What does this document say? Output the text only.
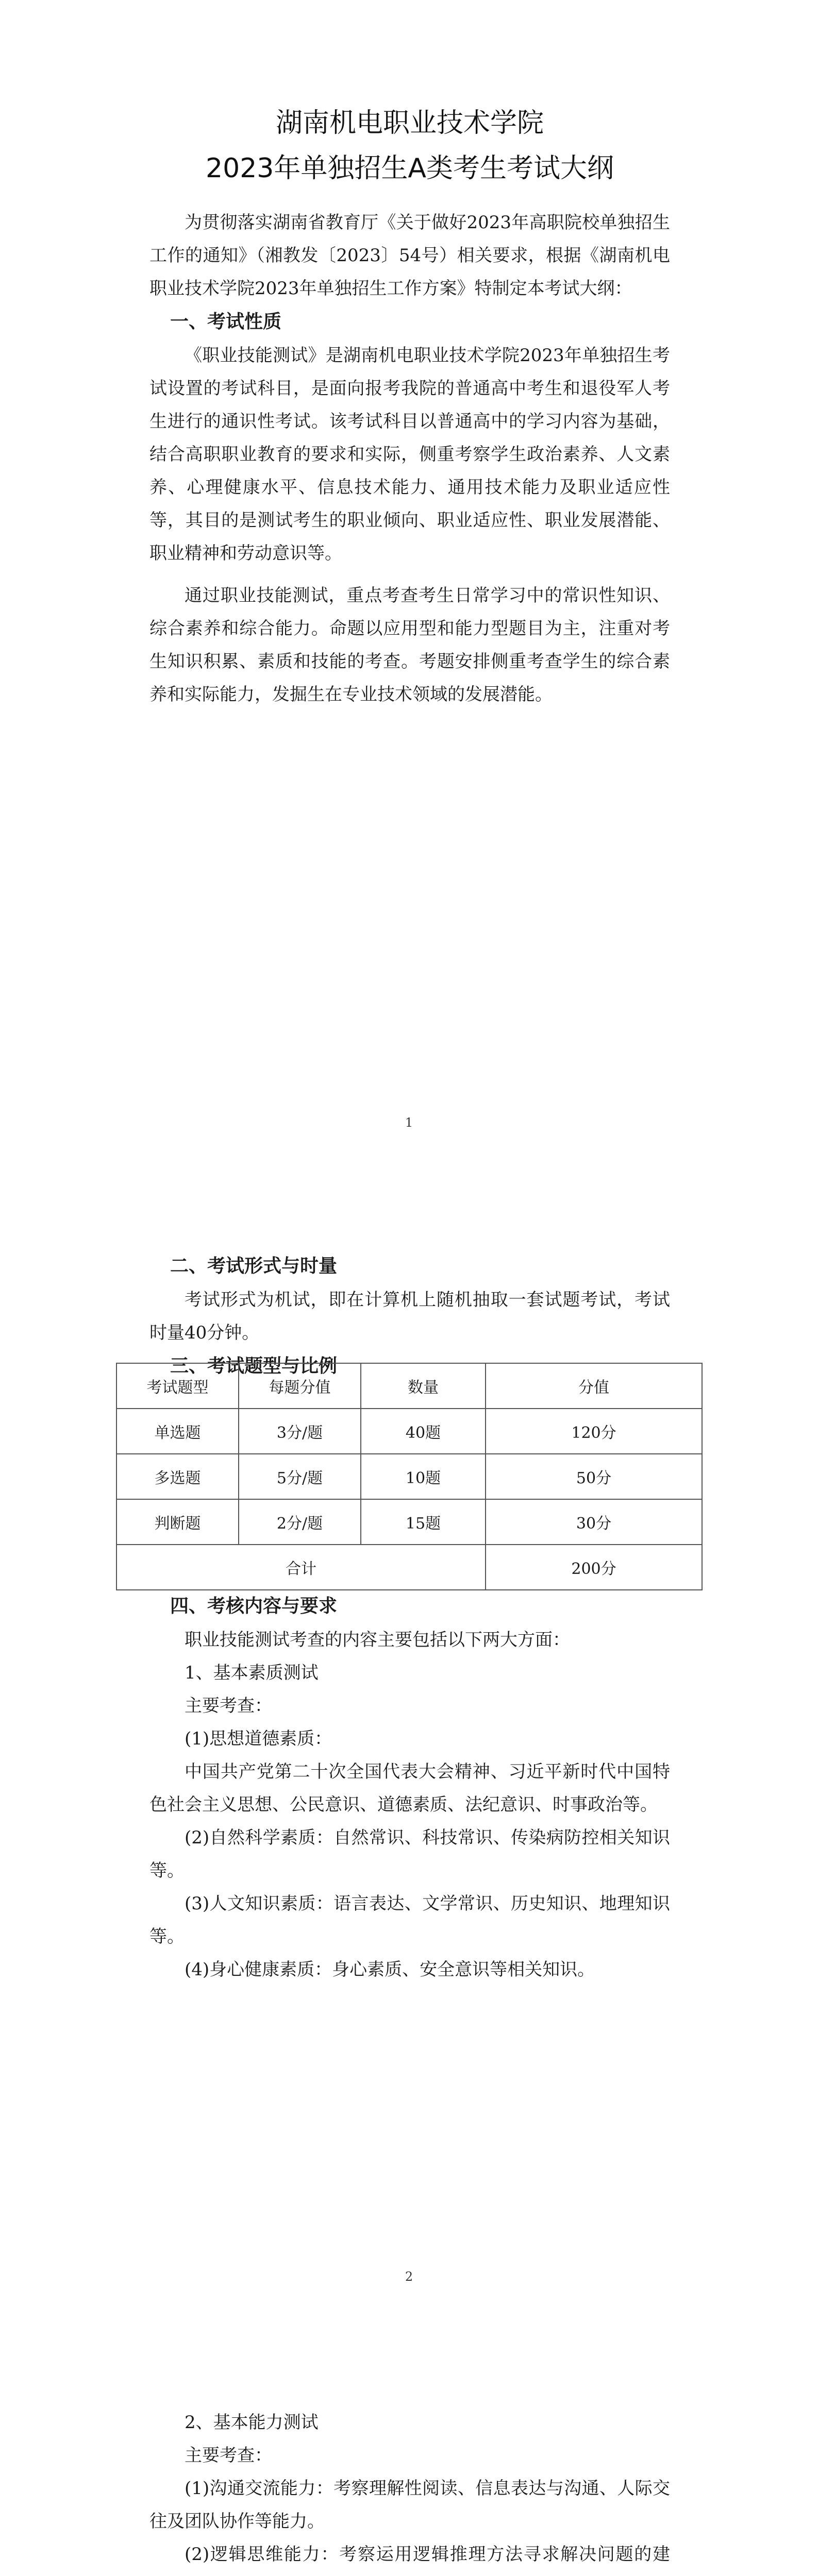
湖南机电职业技术学院
2023年单独招生A类考生考试大纲

为贯彻落实湖南省教育厅《关于做好2023年高职院校单独招生工作的通知》（湘教发〔2023〕54号）相关要求，根据《湖南机电职业技术学院2023年单独招生工作方案》特制定本考试大纲：

一、考试性质

《职业技能测试》是湖南机电职业技术学院2023年单独招生考试设置的考试科目，是面向报考我院的普通高中考生和退役军人考生进行的通识性考试。该考试科目以普通高中的学习内容为基础，结合高职职业教育的要求和实际，侧重考察学生政治素养、人文素养、心理健康水平、信息技术能力、通用技术能力及职业适应性等，其目的是测试考生的职业倾向、职业适应性、职业发展潜能、职业精神和劳动意识等。

通过职业技能测试，重点考查考生日常学习中的常识性知识、综合素养和综合能力。命题以应用型和能力型题目为主，注重对考生知识积累、素质和技能的考查。考题安排侧重考查学生的综合素养和实际能力，发掘生在专业技术领域的发展潜能。

1

二、考试形式与时量

考试形式为机试，即在计算机上随机抽取一套试题考试，考试时量40分钟。

三、考试题型与比例

考试题型	每题分值	数量	分值
单选题	3分/题	40题	120分
多选题	5分/题	10题	50分
判断题	2分/题	15题	30分
合计			200分

四、考核内容与要求

职业技能测试考查的内容主要包括以下两大方面：

1、基本素质测试

主要考查：

(1)思想道德素质：

中国共产党第二十次全国代表大会精神、习近平新时代中国特色社会主义思想、公民意识、道德素质、法纪意识、时事政治等。

(2)自然科学素质：自然常识、科技常识、传染病防控相关知识等。

(3)人文知识素质：语言表达、文学常识、历史知识、地理知识等。

(4)身心健康素质：身心素质、安全意识等相关知识。

2

2、基本能力测试

主要考查：

(1)沟通交流能力：考察理解性阅读、信息表达与沟通、人际交往及团队协作等能力。

(2)逻辑思维能力：考察运用逻辑推理方法寻求解决问题的建
